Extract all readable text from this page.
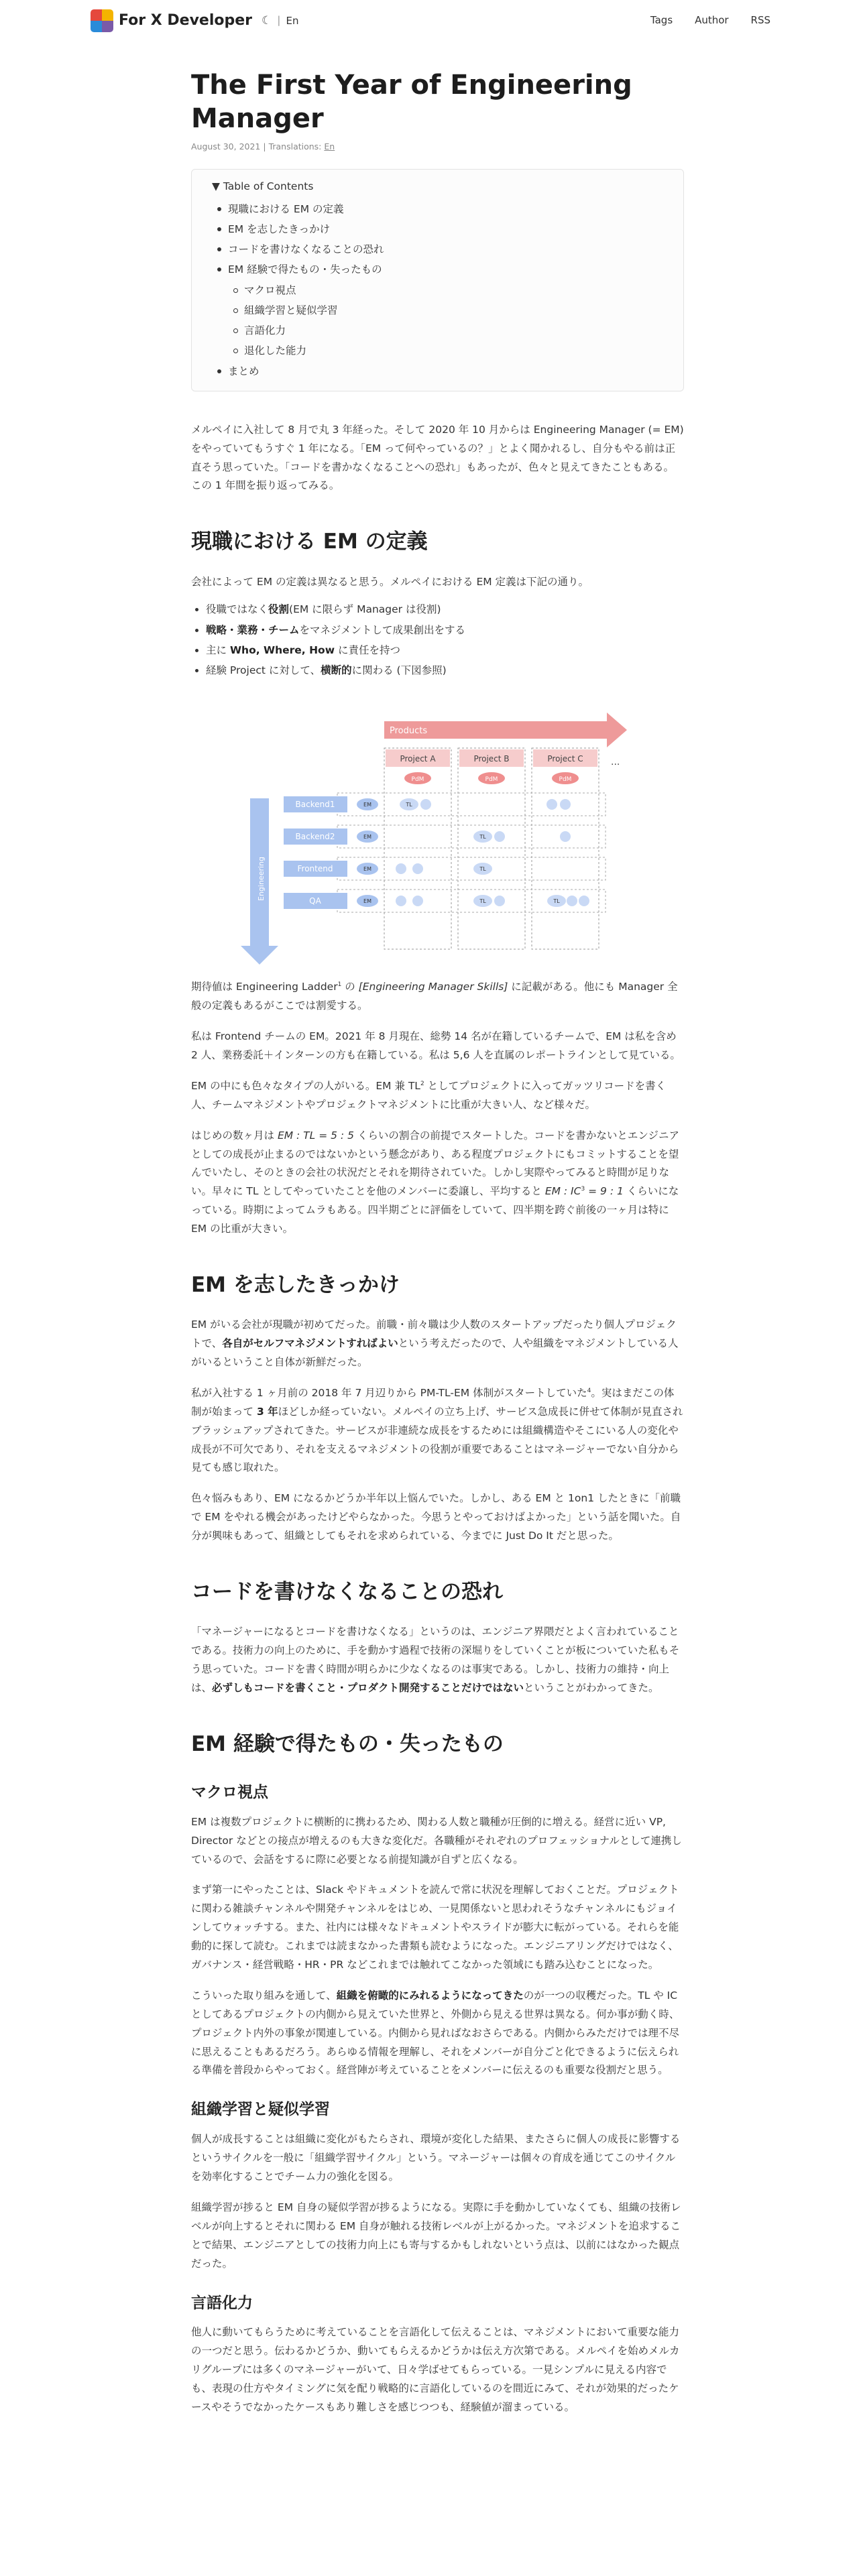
For X Developer ☾ | En	Tags Author RSS
The First Year of Engineering Manager
August 30, 2021 | Translations: En
▼ Table of Contents
現職における EM の定義
EM を志したきっかけ
コードを書けなくなることの恐れ
EM 経験で得たもの・失ったもの
マクロ視点
組織学習と疑似学習
言語化力
退化した能力
まとめ

メルペイに入社して 8 月で丸 3 年経った。そして 2020 年 10 月からは Engineering Manager (= EM) をやっていてもうすぐ 1 年になる。「EM って何やっているの？」とよく聞かれるし、自分もやる前は正直そう思っていた。「コードを書かなくなることへの恐れ」もあったが、色々と見えてきたこともある。この 1 年間を振り返ってみる。

現職における EM の定義

会社によって EM の定義は異なると思う。メルペイにおける EM 定義は下記の通り。

• 役職ではなく役割(EM に限らず Manager は役割)
• 戦略・業務・チームをマネジメントして成果創出をする
• 主に Who, Where, How に責任を持つ
• 経験 Project に対して、横断的に関わる (下図参照)
Products
Engineering
Project A	Project B	Project C	...
PdM	PdM	PdM
Backend1
Backend2
Frontend
QA
EM
EM
EM
EM
TL
TL
TL
TL	TL

期待値は Engineering Ladder$^1$ の [Engineering Manager Skills] に記載がある。他にも Manager 全般の定義もあるがここでは割愛する。

私は Frontend チームの EM。2021 年 8 月現在、総勢 14 名が在籍しているチームで、EM は私を含め 2 人、業務委託＋インターンの方も在籍している。私は 5,6 人を直属のレポートラインとして見ている。

EM の中にも色々なタイプの人がいる。EM 兼 $TL^2$ としてプロジェクトに入ってガッツリコードを書く人、チームマネジメントやプロジェクトマネジメントに比重が大きい人、など様々だ。

はじめの数ヶ月は EM : TL = 5 : 5 くらいの割合の前提でスタートした。コードを書かないとエンジニアとしての成長が止まるのではないかという懸念があり、ある程度プロジェクトにもコミットすることを望んでいたし、そのときの会社の状況だとそれを期待されていた。しかし実際やってみると時間が足りない。早々に TL としてやっていたことを他のメンバーに委譲し、平均すると EM : $IC^3 = 9$ : 1 くらいになっている。時期によってムラもある。四半期ごとに評価をしていて、四半期を跨ぐ前後の一ヶ月は特に EM の比重が大きい。

EM を志したきっかけ

EM がいる会社が現職が初めてだった。前職・前々職は少人数のスタートアップだったり個人プロジェクトで、各自がセルフマネジメントすればよいという考えだったので、人や組織をマネジメントしている人がいるということ自体が新鮮だった。

私が入社する 1 ヶ月前の 2018 年 7 月辺りから PM-TL-EM 体制がスタートしていた$^4$。実はまだこの体制が始まって 3 年ほどしか経っていない。メルペイの立ち上げ、サービス急成長に併せて体制が見直されブラッシュアップされてきた。サービスが非連続な成長をするためには組織構造やそこにいる人の変化や成長が不可欠であり、それを支えるマネジメントの役割が重要であることはマネージャーでない自分から見ても感じ取れた。

色々悩みもあり、EM になるかどうか半年以上悩んでいた。しかし、ある EM と 1on1 したときに「前職で EM をやれる機会があったけどやらなかった。今思うとやっておけばよかった」という話を聞いた。自分が興味もあって、組織としてもそれを求められている、今までに Just Do It だと思った。

コードを書けなくなることの恐れ

「マネージャーになるとコードを書けなくなる」というのは、エンジニア界隈だとよく言われていることである。技術力の向上のために、手を動かす過程で技術の深堀りをしていくことが板についていた私もそう思っていた。コードを書く時間が明らかに少なくなるのは事実である。しかし、技術力の維持・向上は、必ずしもコードを書くこと・プロダクト開発することだけではないということがわかってきた。

EM 経験で得たもの・失ったもの
マクロ視点

EM は複数プロジェクトに横断的に携わるため、関わる人数と職種が圧倒的に増える。経営に近い VP, Director などとの接点が増えるのも大きな変化だ。各職種がそれぞれのプロフェッショナルとして連携しているので、会話をするに際に必要となる前提知識が自ずと広くなる。

まず第一にやったことは、Slack やドキュメントを読んで常に状況を理解しておくことだ。プロジェクトに関わる雑談チャンネルや開発チャンネルをはじめ、一見関係ないと思われそうなチャンネルにもジョインしてウォッチする。また、社内には様々なドキュメントやスライドが膨大に転がっている。それらを能動的に探して読む。これまでは読まなかった書類も読むようになった。エンジニアリングだけではなく、ガバナンス・経営戦略・HR・PR などこれまでは触れてこなかった領域にも踏み込むことになった。

こういった取り組みを通して、組織を俯瞰的にみれるようになってきたのが一つの収穫だった。TL や IC としてあるプロジェクトの内側から見えていた世界と、外側から見える世界は異なる。何か事が動く時、プロジェクト内外の事象が関連している。内側から見ればなおさらである。内側からみただけでは理不尽に思えることもあるだろう。あらゆる情報を理解し、それをメンバーが自分ごと化できるように伝えられる準備を普段からやっておく。経営陣が考えていることをメンバーに伝えるのも重要な役割だと思う。

組織学習と疑似学習

個人が成長することは組織に変化がもたらされ、環境が変化した結果、またさらに個人の成長に影響するというサイクルを一般に「組織学習サイクル」という。マネージャーは個々の育成を通じてこのサイクルを効率化することでチーム力の強化を図る。

組織学習が捗ると EM 自身の疑似学習が捗るようになる。実際に手を動かしていなくても、組織の技術レベルが向上するとそれに関わる EM 自身が触れる技術レベルが上がるかった。マネジメントを追求することで結果、エンジニアとしての技術力向上にも寄与するかもしれないという点は、以前にはなかった観点だった。

言語化力

他人に動いてもらうために考えていることを言語化して伝えることは、マネジメントにおいて重要な能力の一つだと思う。伝わるかどうか、動いてもらえるかどうかは伝え方次第である。メルペイを始めメルカリグループには多くのマネージャーがいて、日々学ばせてもらっている。一見シンプルに見える内容でも、表現の仕方やタイミングに気を配り戦略的に言語化しているのを間近にみて、それが効果的だったケースやそうでなかったケースもあり難しさを感じつつも、経験値が溜まっている。
